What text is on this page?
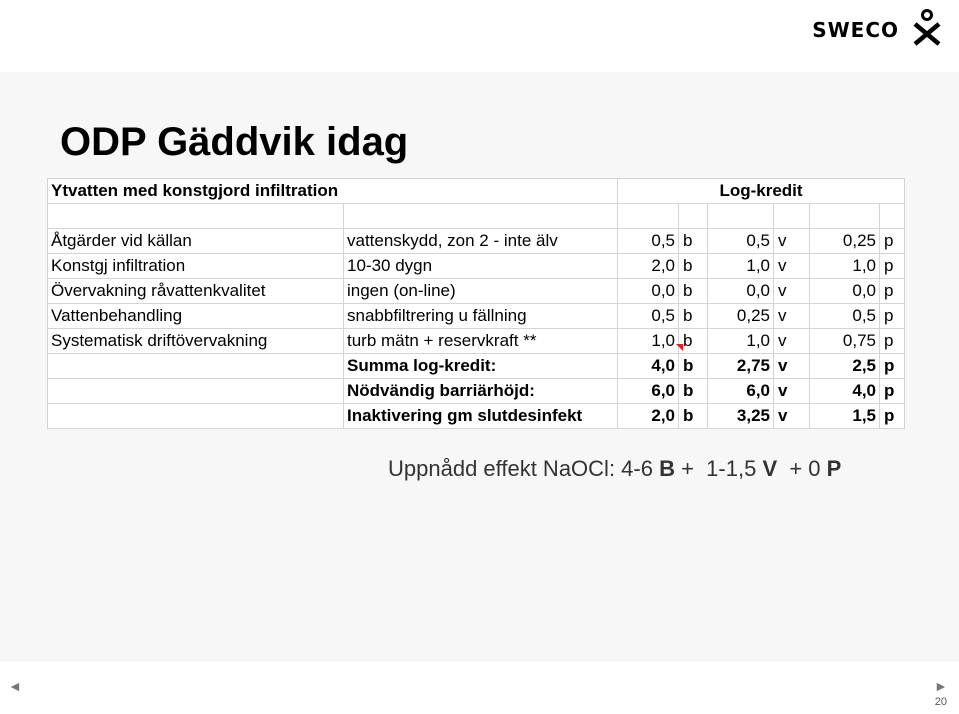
SWECO
ODP Gäddvik idag
Ytvatten med konstgjord infiltration		Log-kredit					

Åtgärder vid källan	vattenskydd, zon 2 - inte älv	0,5	b	0,5	v	0,25	p
Konstgj infiltration	10-30 dygn	2,0	b	1,0	v	1,0	p
Övervakning råvattenkvalitet	ingen (on-line)	0,0	b	0,0	v	0,0	p
Vattenbehandling	snabbfiltrering u fällning	0,5	b	0,25	v	0,5	p
Systematisk driftövervakning	turb mätn + reservkraft **	1,0	b	1,0	v	0,75	p
	Summa log-kredit:	4,0	b	2,75	v	2,5	p
	Nödvändig barriärhöjd:	6,0	b	6,0	v	4,0	p
	Inaktivering gm slutdesinfekt	2,0	b	3,25	v	1,5	p
Uppnådd effekt NaOCl: 4-6 B +  1-1,5 V  + 0 P
◄	►
20
